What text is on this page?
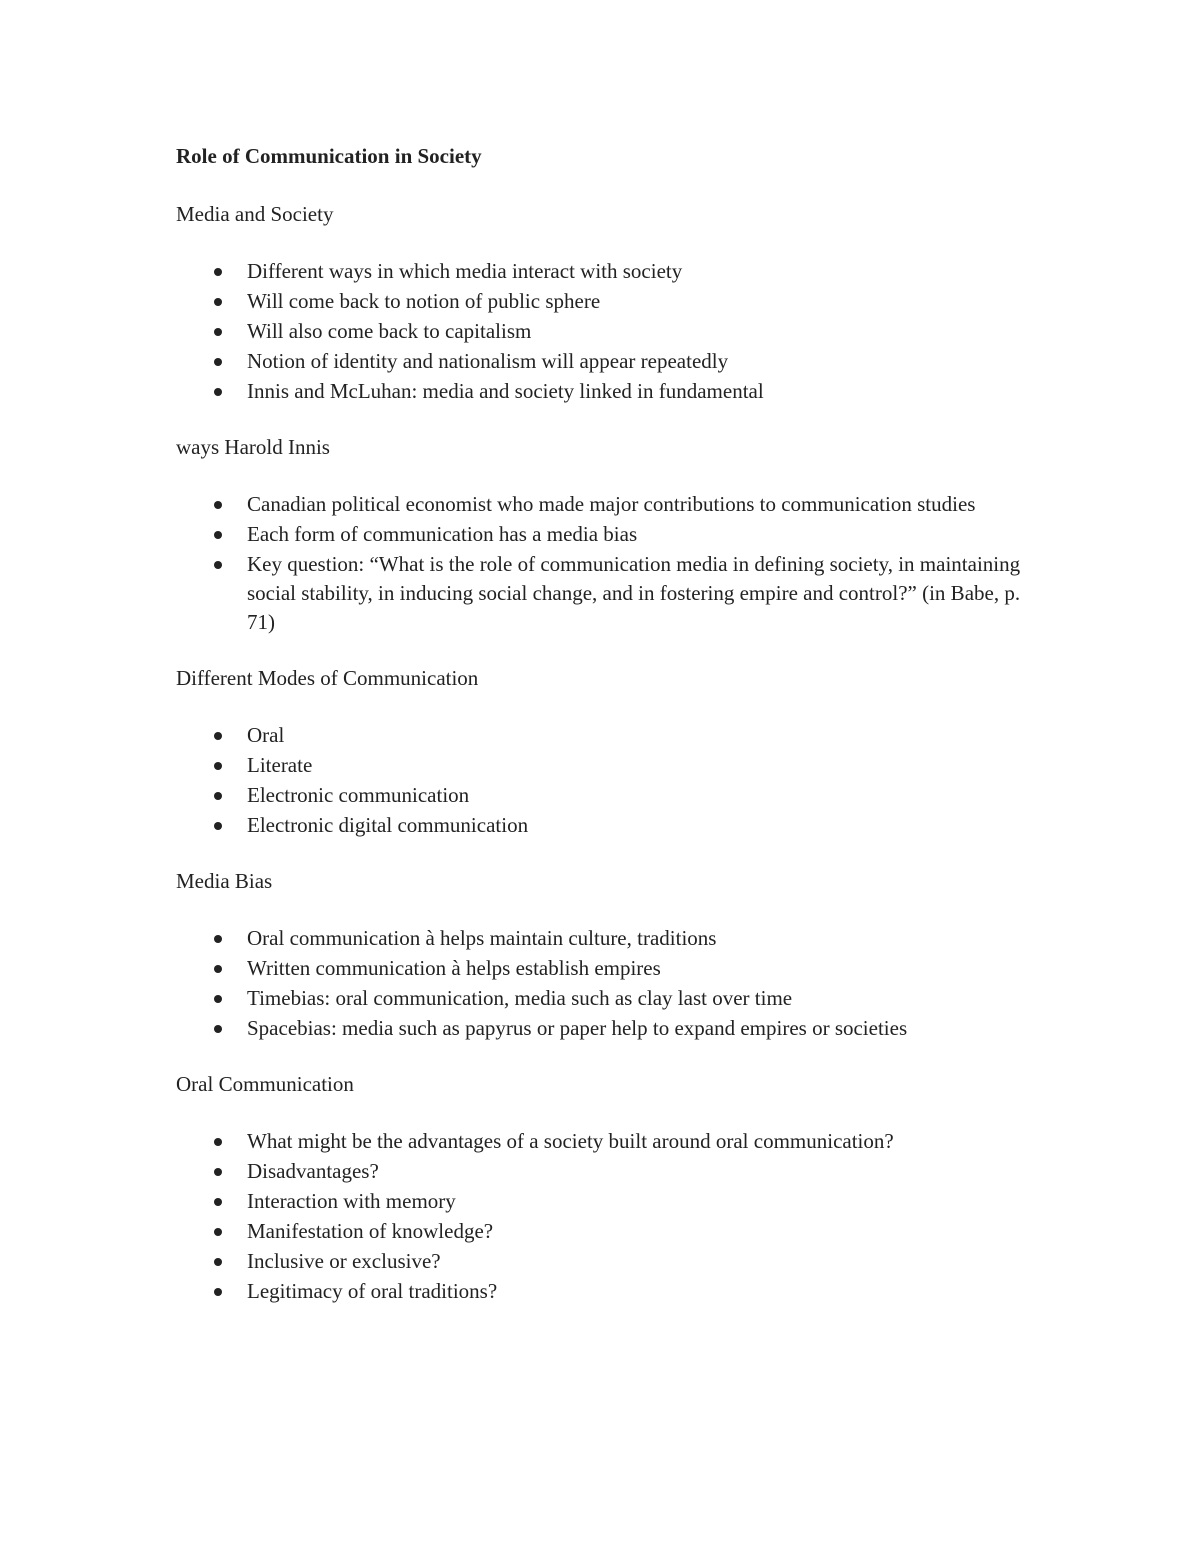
Role of Communication in Society
Media and Society
Different ways in which media interact with society
Will come back to notion of public sphere
Will also come back to capitalism
Notion of identity and nationalism will appear repeatedly
Innis and McLuhan: media and society linked in fundamental
ways Harold Innis
Canadian political economist who made major contributions to communication studies
Each form of communication has a media bias
Key question: “What is the role of communication media in defining society, in maintaining social stability, in inducing social change, and in fostering empire and control?” (in Babe, p. 71)
Different Modes of Communication
Oral
Literate
Electronic communication
Electronic digital communication
Media Bias
Oral communication à helps maintain culture, traditions
Written communication à helps establish empires
Timebias: oral communication, media such as clay last over time
Spacebias: media such as papyrus or paper help to expand empires or societies
Oral Communication
What might be the advantages of a society built around oral communication?
Disadvantages?
Interaction with memory
Manifestation of knowledge?
Inclusive or exclusive?
Legitimacy of oral traditions?
